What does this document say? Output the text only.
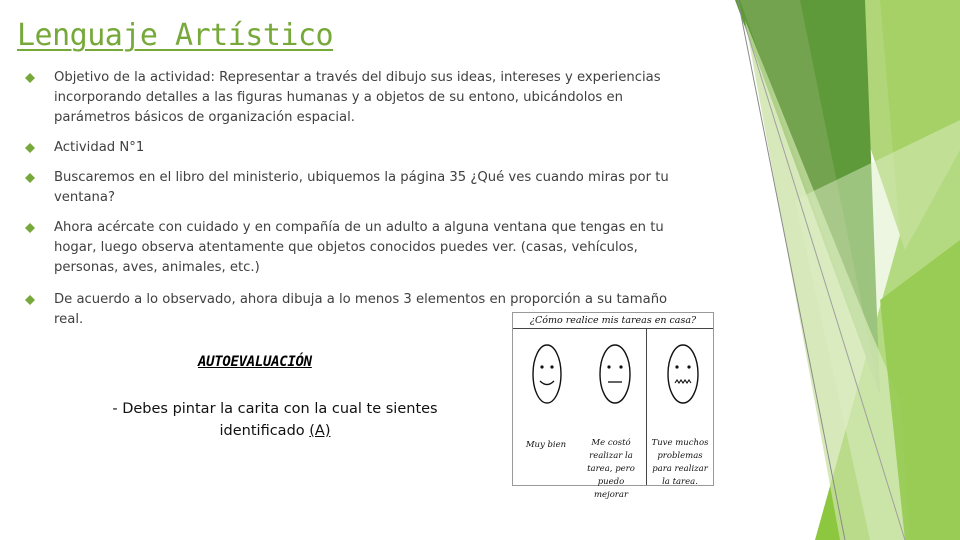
Lenguaje Artístico
Objetivo de la actividad: Representar a través del dibujo sus ideas, intereses y experiencias incorporando detalles a las figuras humanas y a objetos de su entono, ubicándolos en parámetros básicos de organización espacial.
Actividad N°1
Buscaremos en el libro del ministerio, ubiquemos la página 35 ¿Qué ves cuando miras por tu ventana?
Ahora acércate con cuidado y en compañía de un adulto a alguna ventana que tengas en tu hogar, luego observa atentamente que objetos conocidos puedes ver. (casas, vehículos, personas, aves, animales, etc.)
De acuerdo a lo observado, ahora dibuja a lo menos 3 elementos en proporción a su tamaño real.	¿Cómo realice mis tareas en casa?
Muy bien	Me costó realizar la tarea, pero puedo mejorar
Tuve muchos problemas para realizar la tarea.
AUTOEVALUACIÓN

- Debes pintar la carita con la cual te sientes identificado (A)
